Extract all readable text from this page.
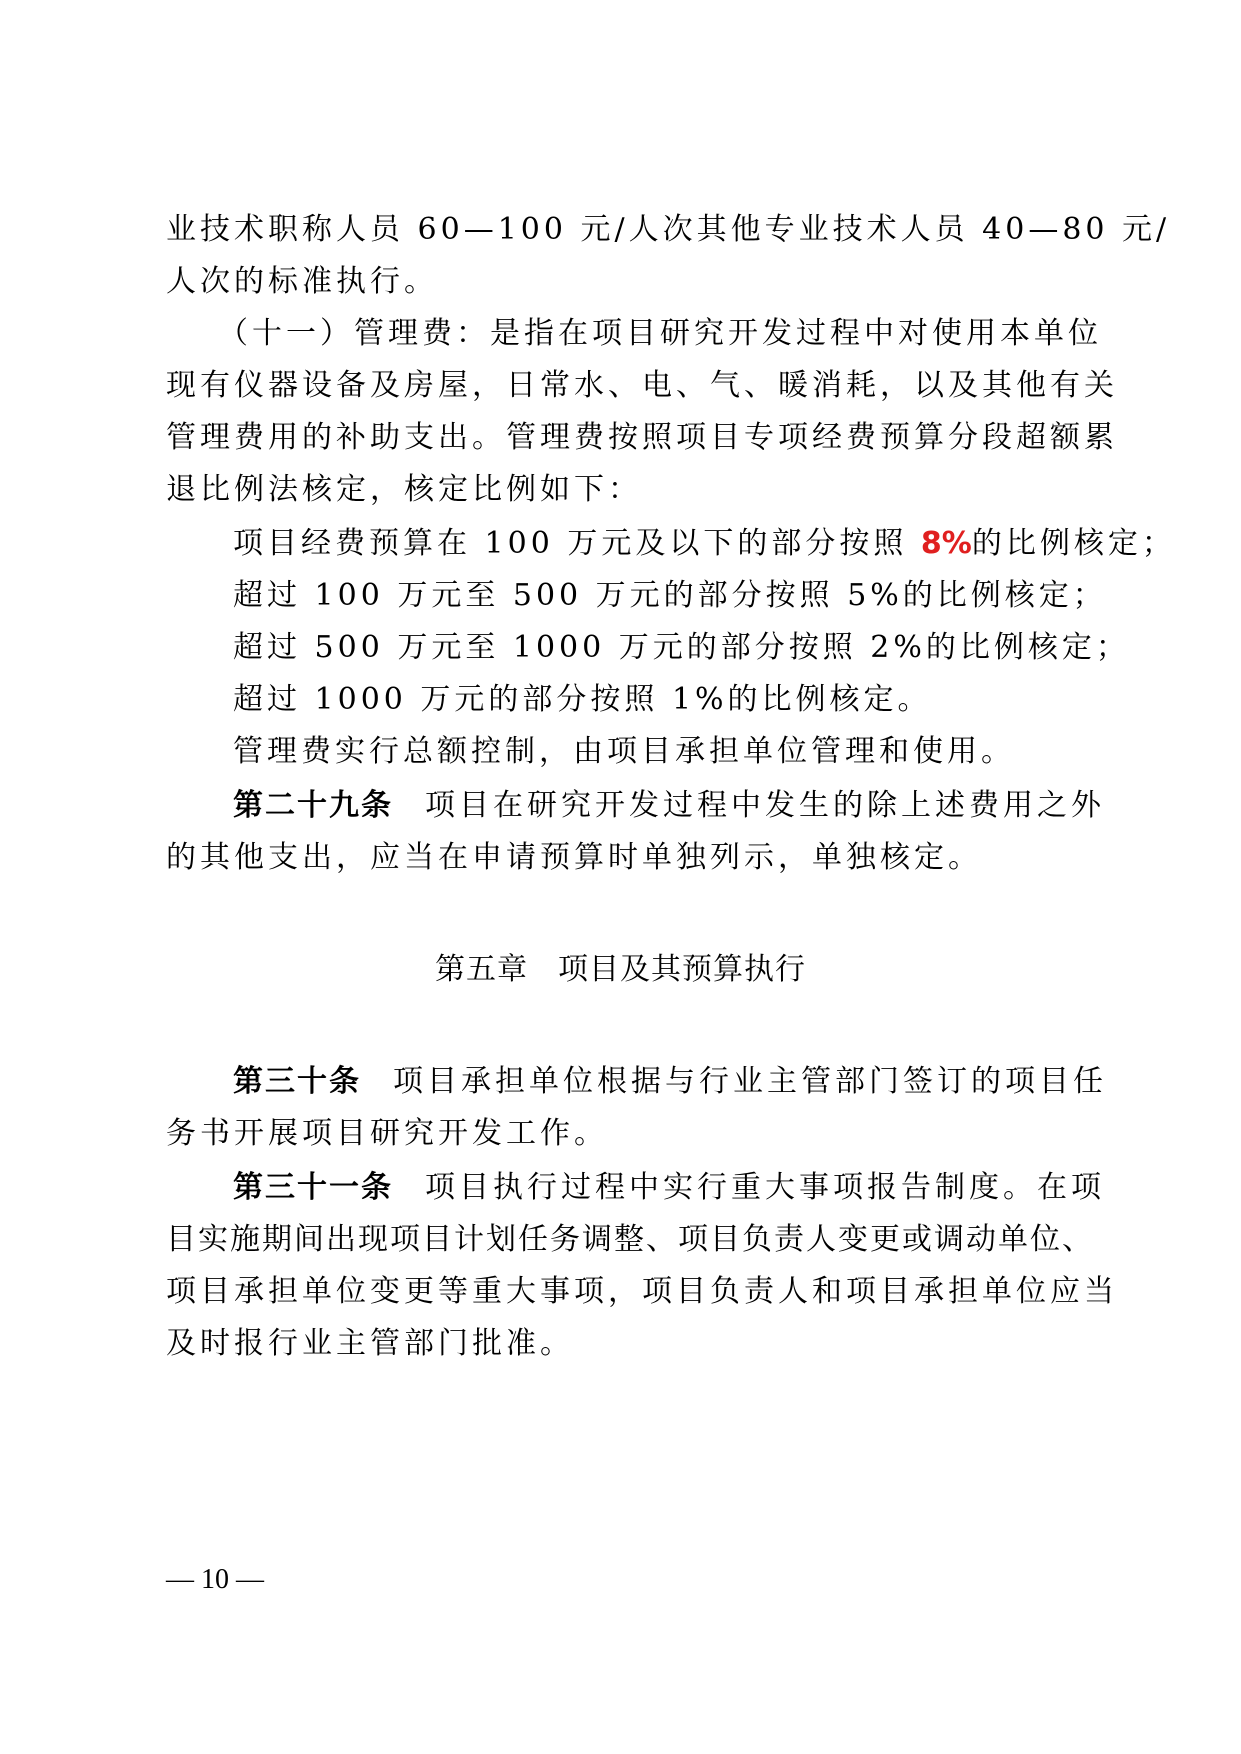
业技术职称人员 60—100 元/人次其他专业技术人员 40—80 元/
人次的标准执行。
（十一）管理费：是指在项目研究开发过程中对使用本单位
现有仪器设备及房屋，日常水、电、气、暖消耗，以及其他有关
管理费用的补助支出。管理费按照项目专项经费预算分段超额累
退比例法核定，核定比例如下：
项目经费预算在 100 万元及以下的部分按照 8%的比例核定；
超过 100 万元至 500 万元的部分按照 5%的比例核定；
超过 500 万元至 1000 万元的部分按照 2%的比例核定；
超过 1000 万元的部分按照 1%的比例核定。
管理费实行总额控制，由项目承担单位管理和使用。
第二十九条 项目在研究开发过程中发生的除上述费用之外
的其他支出，应当在申请预算时单独列示，单独核定。
第五章 项目及其预算执行
第三十条 项目承担单位根据与行业主管部门签订的项目任
务书开展项目研究开发工作。
第三十一条 项目执行过程中实行重大事项报告制度。在项
目实施期间出现项目计划任务调整、项目负责人变更或调动单位、
项目承担单位变更等重大事项，项目负责人和项目承担单位应当
及时报行业主管部门批准。
— 10 —
